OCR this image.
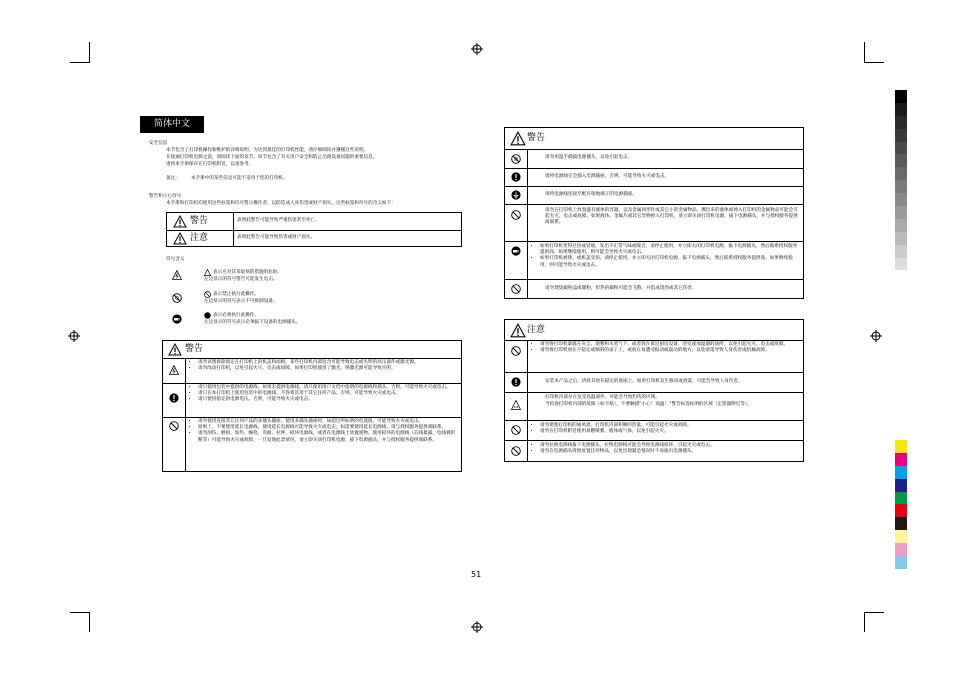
简体中文
安全信息
本节包含了打印机操作和维护的详细说明。为达到最佳的打印机性能，请仔细阅读并遵循这些说明。
在接通打印机电源之前，请阅读下面的章节。该节包含了有关用户安全和防止出现设备问题的重要信息。
请将本手册保存在打印机附近，以备参考。
备注： 本手册中的某些信息可能不适用于您的打印机。
警告和小心符号
本手册和打印机均使用这些标签和符号警示操作者，以防造成人身伤害或财产损失。这些标签和符号的含义如下：
警告	表明此警告可能导致严重伤害甚至死亡。
注意	表明此警告可能导致伤害或财产损失。
符号含义
表示应对其采取预防措施的危险。
左边显示的符号警告可能发生电击。
表示禁止执行此操作。
左边显示的符号表示不可拆卸设备。
表示必须执行此操作。
左边显示的符号表示必须拔下设备的电源插头。
警告
• 请勿试图拆除固定在打印机上的机盖和面板。某些打印机内部包含可能导致电击或失明的高压部件或激光源。
• 请勿改动打印机，以免引起火灾、电击或故障。如果打印机使用了激光，则激光源可能导致失明。
• 请只使用包装中提供的电源线。如果未提供电源线，请只使用用户文档中指明的电源线和插头。否则，可能导致火灾或电击。
• 请只在本打印机上使用包装中的电源线。不得将其用于其它任何产品。否则，可能导致火灾或电击。
• 请只使用指定的电源电压。否则，可能导致火灾或电击。
• 请勿使用连接其它任何产品的多插头插座。使用多插头插座时，如超过所标明的电流值，可能导致火灾或电击。
• 原则上，不要使用延长电源线。使用延长电源线可能导致火灾或电击。如需要使用延长电源线，请与授权服务提供商联系。
• 请勿刮伤、磨损、加热、缠绕、弯曲、拉伸、损坏电源线，或者在电源线上放置重物。使用损坏的电源线（芯线暴露、电线被折断等）可能导致火灾或故障。一旦发现此类情况，请立即关闭打印机电源，拔下电源插头，并与授权服务提供商联系。
警告
请勿用湿手插拔电源插头，以免引起电击。
请将电源线完全插入电源插座。否则，可能导致火灾或电击。
请将电源线连接至配有接地端子的电源插座。
请勿在打印机上放置盛有液体的容器，以及金属回形针或其它小的金属物品。溅出来的液体或掉入打印机的金属物品可能会引起火灾、电击或故障。如果液体、金属片或其它异物掉入打印机，请立即关闭打印机电源，拔下电源插头，并与授权服务提供商联系。
• 如果打印机变得过热或冒烟，发出不正常气味或噪音，请停止使用，并立即关闭打印机电源，拔下电源插头，然后联系授权服务提供商。如果继续使用，则可能会导致火灾或电击。
• 如果打印机被摔、或机盖受损，请停止使用，并立即关闭打印机电源，拔下电源插头，然后联系授权服务提供商。如果继续使用，则可能导致火灾或电击。
请勿焚烧碳粉盒或碳粉，炽热的碳粉可能会飞散，并造成烧伤或其它伤害。
注意
• 请勿将打印机暴露在灰尘、烟雾和水蒸气下、或者放在靠近厨房设备、浴室或加湿器的场所，以免引起火灾、电击或故障。
• 请勿将打印机放在不稳定或倾斜的桌子上，或放在易遭受振动或震动的地方，以免滑落导致人身伤害或机械故障。
安装本产品之后，请将其放在稳定的底座上。如果打印机发生移动或滑落，可能会导致人身伤害。
打印机内部存在发受高温部件，可能会导致灼伤的区域。
当检查打印机内部的故障（如卡纸），不要触摸“小心！高温！”警告标签标明的区域（定影器附近等）。
• 请勿堵塞打印机的通风窗。打印机内部积聚的热量，可能引起火灾或故障。
• 请勿在打印机附近使用易燃喷雾，液体或气体，以免引起火灾。
• 请勿拉拽电源线拔下电源插头，拉拽电源线可能会导致电源线损坏，引起火灾或电击。
• 请勿在电源插头周围放置任何物品，以免出现紧急情况时不易拔出电源插头。
51
